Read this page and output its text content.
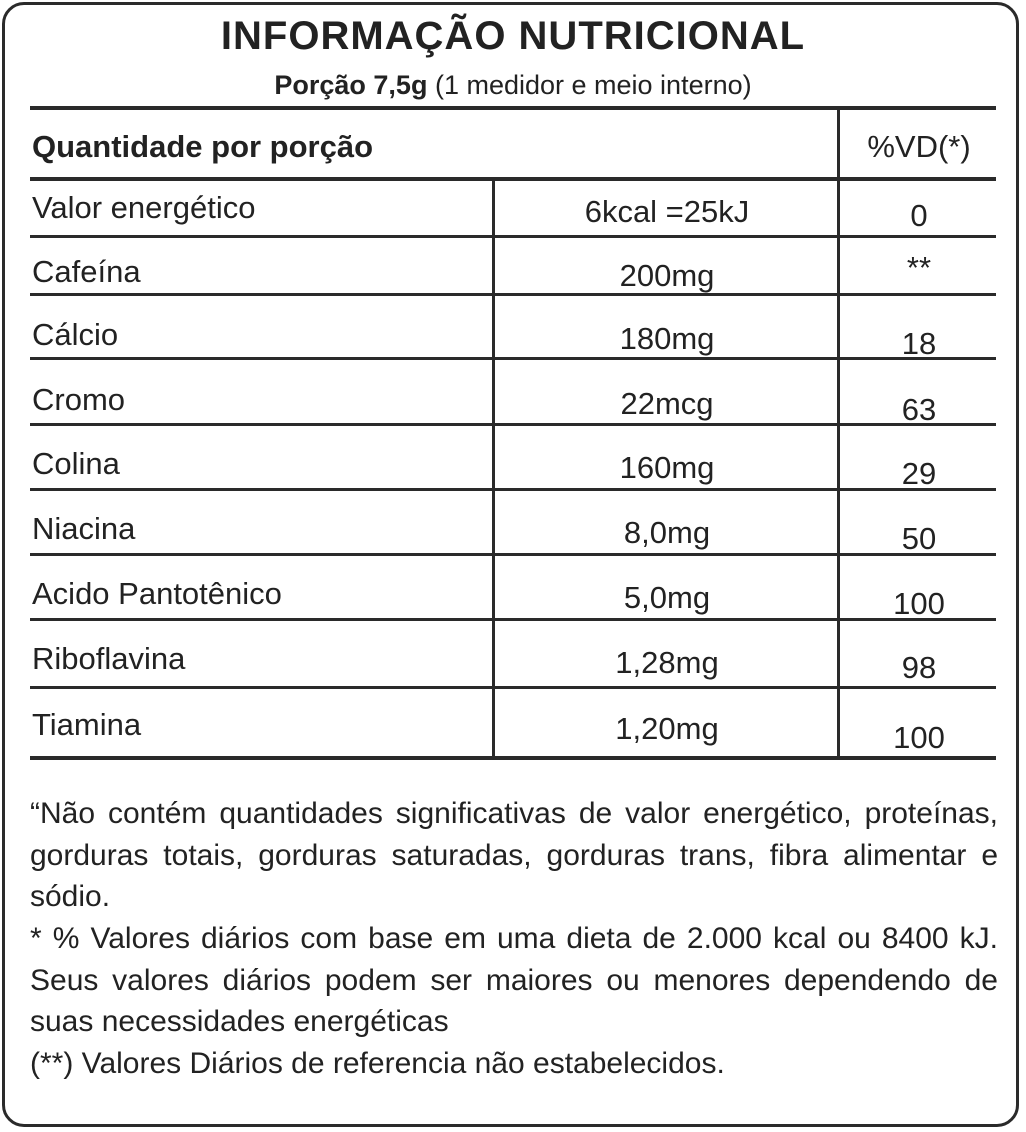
INFORMAÇÃO NUTRICIONAL
Porção 7,5g (1 medidor e meio interno)
Quantidade por porção	%VD(*)
Valor energético	6kcal =25kJ	0
Cafeína	200mg	**
Cálcio	180mg	18
Cromo	22mcg	63
Colina	160mg	29
Niacina	8,0mg	50
Acido Pantotênico	5,0mg	100
Riboflavina	1,28mg	98
Tiamina	1,20mg	100

“Não contém quantidades significativas de valor energético, proteínas, gorduras totais, gorduras saturadas, gorduras trans, fibra alimentar e sódio.

* % Valores diários com base em uma dieta de 2.000 kcal ou 8400 kJ. Seus valores diários podem ser maiores ou menores dependendo de suas necessidades energéticas

(**) Valores Diários de referencia não estabelecidos.
